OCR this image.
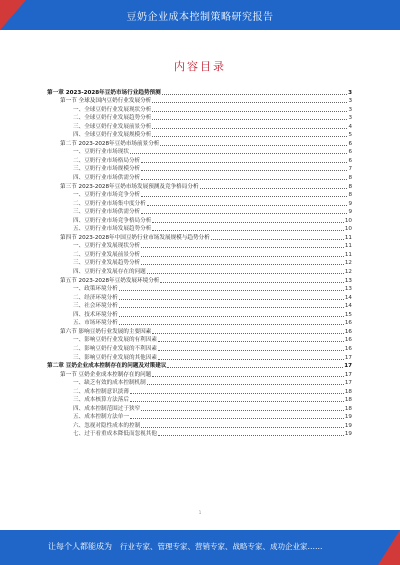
豆奶企业成本控制策略研究报告
内容目录
第一章 2023-2028年豆奶市场行业趋势预测	3
第一节 全球及国内豆奶行业发展分析	3
一、全球豆奶行业发展现状分析	3
二、全球豆奶行业发展趋势分析	3
三、全球豆奶行业发展前景分析	4
四、全球豆奶行业发展规模分析	5
第二节 2023-2028年豆奶市场前景分析	6
一、豆奶行业市场现状	6
二、豆奶行业市场格局分析	6
三、豆奶行业市场规模分析	7
四、豆奶行业市场供需分析	8
第三节 2023-2028年豆奶市场发展预测及竞争格局分析	8
一、豆奶行业市场竞争分析	8
二、豆奶行业市场集中度分析	9
三、豆奶行业市场供需分析	9
四、豆奶行业市场竞争格局分析	10
五、豆奶行业市场发展趋势分析	10
第四节 2023-2028年中国豆奶行业市场发展规模与趋势分析	11
一、豆奶行业发展现状分析	11
二、豆奶行业发展前景分析	11
三、豆奶行业发展趋势分析	12
四、豆奶行业发展存在的问题	12
第五节 2023-2028年豆奶发展环境分析	13
一、政策环境分析	13
二、经济环境分析	14
三、社会环境分析	14
四、技术环境分析	15
五、市场环境分析	16
第六节 影响豆奶行业发展的主要因素	16
一、影响豆奶行业发展的有利因素	16
二、影响豆奶行业发展的不利因素	16
三、影响豆奶行业发展的其他因素	17
第二章 豆奶企业成本控制存在的问题及对策建议	17
第一节 豆奶企业成本控制存在的问题	17
一、缺乏有效的成本控制机制	17
二、成本控制意识淡薄	18
三、成本核算方法落后	18
四、成本控制范围过于狭窄	18
五、成本控制方法单一	19
六、忽视对隐性成本的控制	19
七、过于看重成本降低而忽视其他	19
1
让每个人都能成为 行业专家、管理专家、营销专家、战略专家、成功企业家……
